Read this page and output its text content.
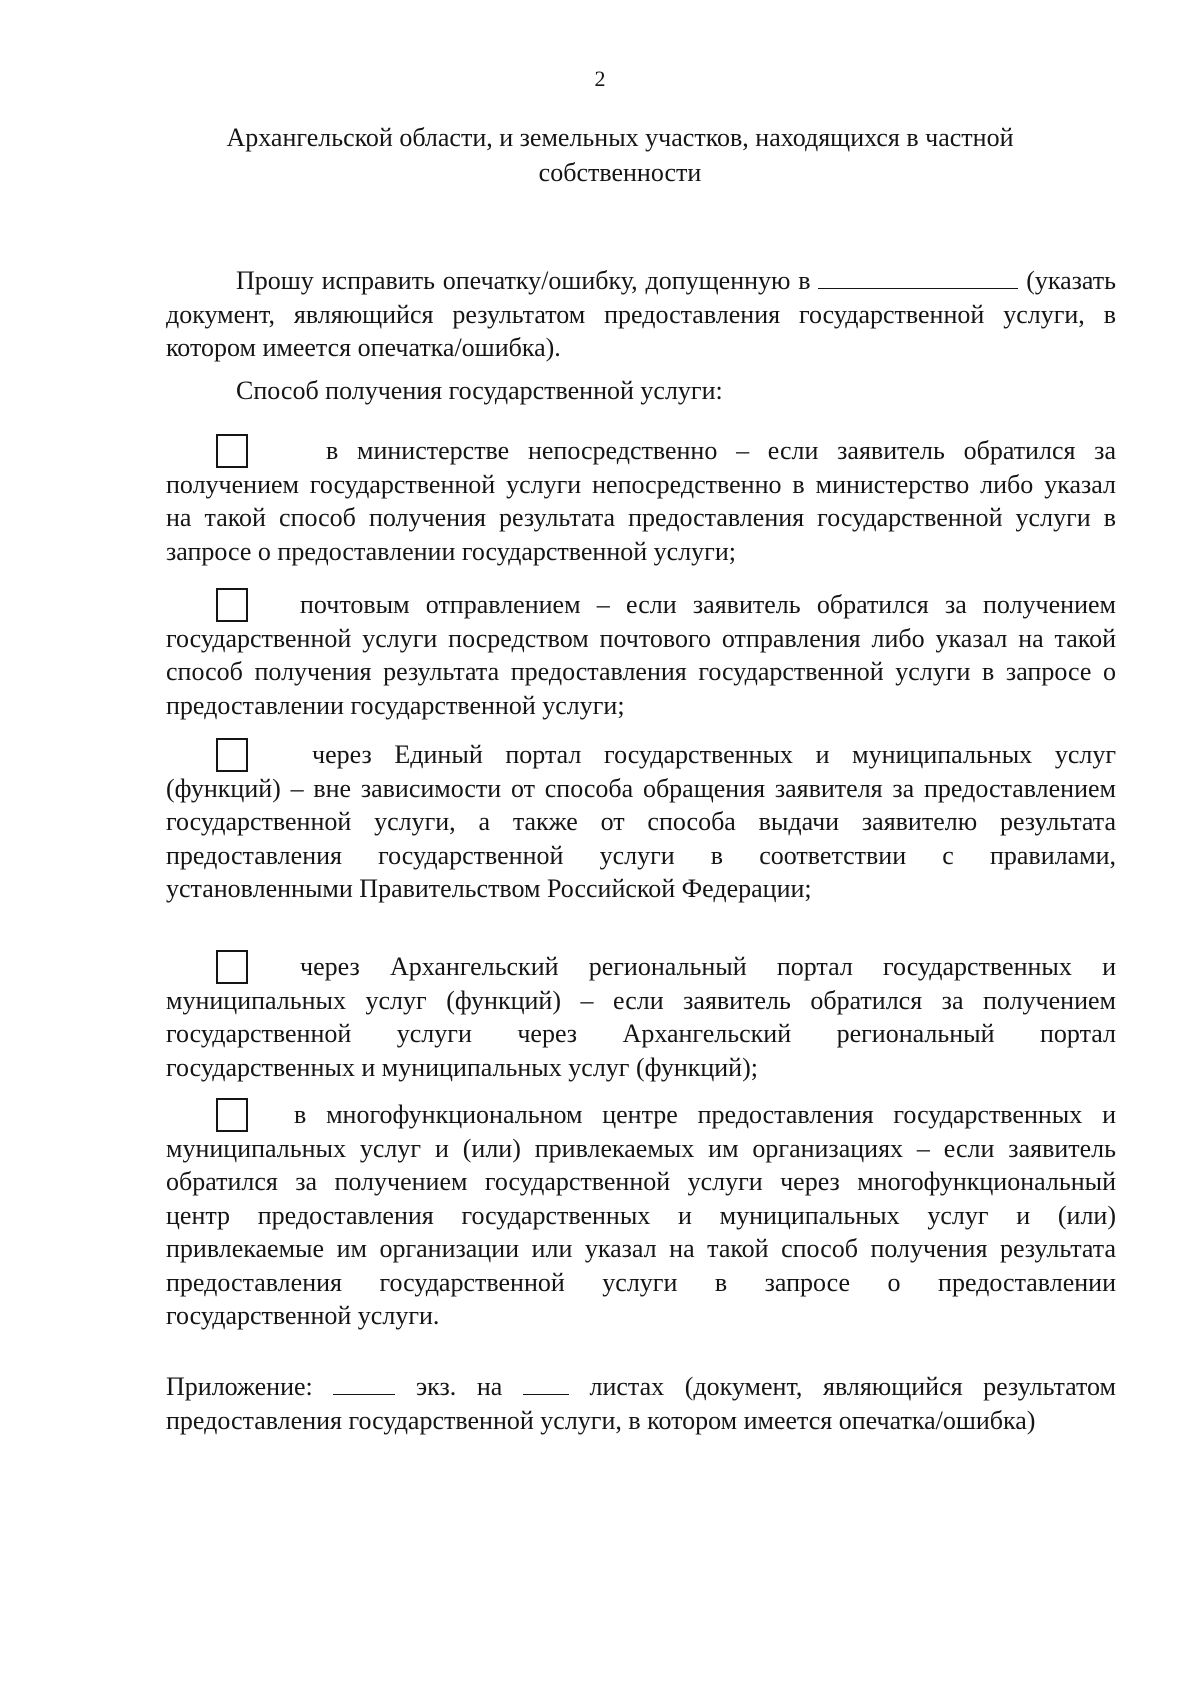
2
Архангельской области, и земельных участков, находящихся в частной собственности
Прошу исправить опечатку/ошибку, допущенную в	(указать документ, являющийся результатом предоставления государственной услуги, в котором имеется опечатка/ошибка).
Способ получения государственной услуги:
в министерстве непосредственно – если заявитель обратился за получением государственной услуги непосредственно в министерство либо указал на такой способ получения результата предоставления государственной услуги в запросе о предоставлении государственной услуги;
почтовым отправлением – если заявитель обратился за получением государственной услуги посредством почтового отправления либо указал на такой способ получения результата предоставления государственной услуги в запросе о предоставлении государственной услуги;
через Единый портал государственных и муниципальных услуг (функций) – вне зависимости от способа обращения заявителя за предоставлением государственной услуги, а также от способа выдачи заявителю результата предоставления государственной услуги в соответствии с правилами, установленными Правительством Российской Федерации;
через Архангельский региональный портал государственных и муниципальных услуг (функций) – если заявитель обратился за получением государственной услуги через Архангельский региональный портал государственных и муниципальных услуг (функций);
в многофункциональном центре предоставления государственных и муниципальных услуг и (или) привлекаемых им организациях – если заявитель обратился за получением государственной услуги через многофункциональный центр предоставления государственных и муниципальных услуг и (или) привлекаемые им организации или указал на такой способ получения результата предоставления государственной услуги в запросе о предоставлении государственной услуги.
Приложение:	экз. на	листах (документ, являющийся результатом предоставления государственной услуги, в котором имеется опечатка/ошибка)
